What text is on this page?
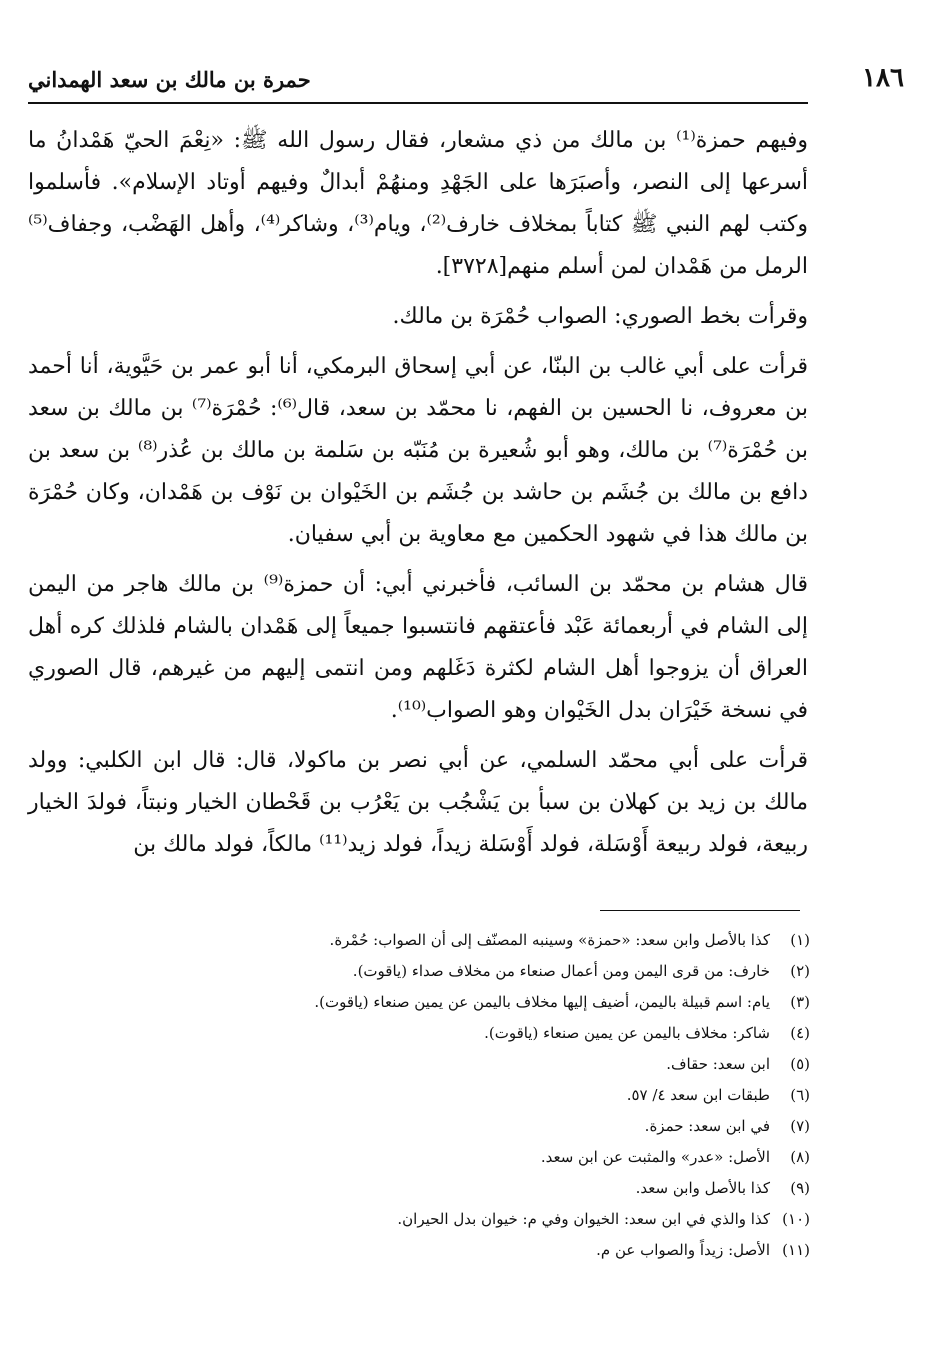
١٨٦
حمرة بن مالك بن سعد الهمداني

وفيهم حمزة⁽¹⁾ بن مالك من ذي مشعار، فقال رسول الله ﷺ: «نِعْمَ الحيّ هَمْدانُ ما أسرعها إلى النصر، وأصبَرَها على الجَهْدِ ومنهُمْ أبدالٌ وفيهم أوتاد الإسلام». فأسلموا وكتب لهم النبي ﷺ كتاباً بمخلاف خارف⁽²⁾، ويام⁽³⁾، وشاكر⁽⁴⁾، وأهل الهَضْب، وجفاف⁽⁵⁾ الرمل من هَمْدان لمن أسلم منهم[٣٧٢٨].

وقرأت بخط الصوري: الصواب حُمْرَة بن مالك.

قرأت على أبي غالب بن البنّا، عن أبي إسحاق البرمكي، أنا أبو عمر بن حَيَّوية، أنا أحمد بن معروف، نا الحسين بن الفهم، نا محمّد بن سعد، قال⁽⁶⁾: حُمْرَة⁽⁷⁾ بن مالك بن سعد بن حُمْرَة⁽⁷⁾ بن مالك، وهو أبو شُعيرة بن مُنَبّه بن سَلمة بن مالك بن عُذر⁽⁸⁾ بن سعد بن دافع بن مالك بن جُشَم بن حاشد بن جُشَم بن الخَيْوان بن نَوْف بن هَمْدان، وكان حُمْرَة بن مالك هذا في شهود الحكمين مع معاوية بن أبي سفيان.

قال هشام بن محمّد بن السائب، فأخبرني أبي: أن حمزة⁽⁹⁾ بن مالك هاجر من اليمن إلى الشام في أربعمائة عَبْد فأعتقهم فانتسبوا جميعاً إلى هَمْدان بالشام فلذلك كره أهل العراق أن يزوجوا أهل الشام لكثرة دَغَلهم ومن انتمى إليهم من غيرهم، قال الصوري في نسخة خَيْرَان بدل الخَيْوان وهو الصواب⁽¹⁰⁾.

قرأت على أبي محمّد السلمي، عن أبي نصر بن ماكولا، قال: قال ابن الكلبي: وولد مالك بن زيد بن كهلان بن سبأ بن يَشْجُب بن يَعْرُب بن قَحْطان الخيار ونبتاً، فولدَ الخيار ربيعة، فولد ربيعة أَوْسَلة، فولد أَوْسَلة زيداً، فولد زيد⁽¹¹⁾ مالكاً، فولد مالك بن

(١)كذا بالأصل وابن سعد: «حمزة» وسينبه المصنّف إلى أن الصواب: حُمْرة.
(٢)خارف: من قرى اليمن ومن أعمال صنعاء من مخلاف صداء (ياقوت).
(٣)يام: اسم قبيلة باليمن، أضيف إليها مخلاف باليمن عن يمين صنعاء (ياقوت).
(٤)شاكر: مخلاف باليمن عن يمين صنعاء (ياقوت).
(٥)ابن سعد: حقاف.
(٦)طبقات ابن سعد ٤/ ٥٧.
(٧)في ابن سعد: حمزة.
(٨)الأصل: «عدر» والمثبت عن ابن سعد.
(٩)كذا بالأصل وابن سعد.
(١٠)كذا والذي في ابن سعد: الخيوان وفي م: خيوان بدل الحيران.
(١١)الأصل: زيداً والصواب عن م.
